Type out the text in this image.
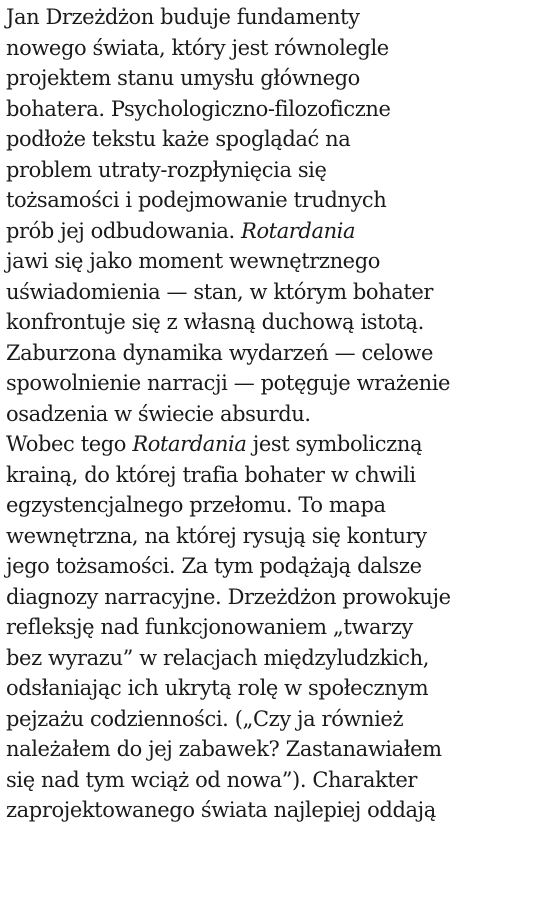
Jan Drzeżdżon buduje fundamenty
nowego świata, który jest równolegle
projektem stanu umysłu głównego
bohatera. Psychologiczno-filozoficzne
podłoże tekstu każe spoglądać na
problem utraty-rozpłynięcia się
tożsamości i podejmowanie trudnych
prób jej odbudowania. Rotardania
jawi się jako moment wewnętrznego
uświadomienia — stan, w którym bohater
konfrontuje się z własną duchową istotą.
Zaburzona dynamika wydarzeń — celowe
spowolnienie narracji — potęguje wrażenie
osadzenia w świecie absurdu.
Wobec tego Rotardania jest symboliczną
krainą, do której trafia bohater w chwili
egzystencjalnego przełomu. To mapa
wewnętrzna, na której rysują się kontury
jego tożsamości. Za tym podążają dalsze
diagnozy narracyjne. Drzeżdżon prowokuje
refleksję nad funkcjonowaniem „twarzy
bez wyrazu” w relacjach międzyludzkich,
odsłaniając ich ukrytą rolę w społecznym
pejzażu codzienności. („Czy ja również
należałem do jej zabawek? Zastanawiałem
się nad tym wciąż od nowa”). Charakter
zaprojektowanego świata najlepiej oddają
